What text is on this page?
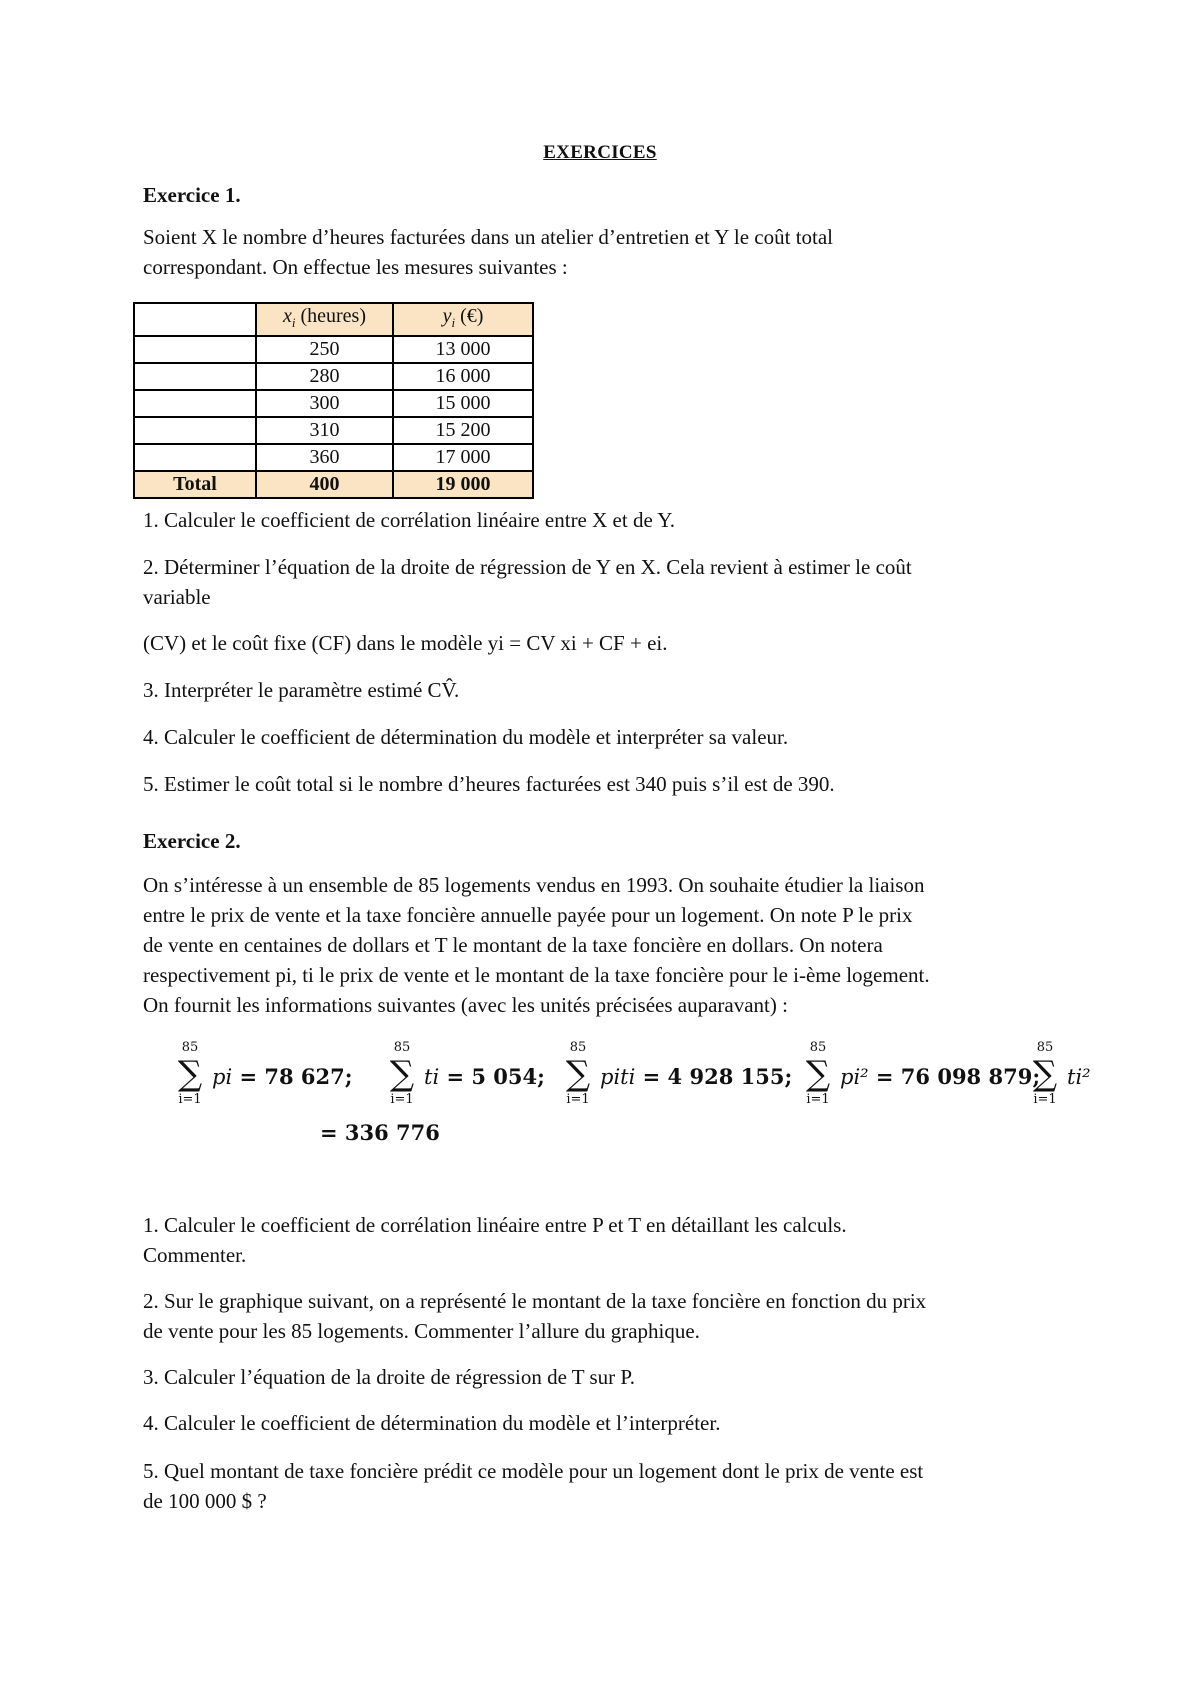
EXERCICES
Exercice 1.

Soient X le nombre d’heures facturées dans un atelier d’entretien et Y le coût total

correspondant. On effectue les mesures suivantes :

	$x_i$ (heures)	$y_i$ (€)
	250	13 000
	280	16 000
	300	15 000
	310	15 200
	360	17 000
Total	400	19 000

1. Calculer le coefficient de corrélation linéaire entre X et de Y.

2. Déterminer l’équation de la droite de régression de Y en X. Cela revient à estimer le coût

variable

(CV) et le coût fixe (CF) dans le modèle yi = CV xi + CF + ei.

3. Interpréter le paramètre estimé CV̂.

4. Calculer le coefficient de détermination du modèle et interpréter sa valeur.

5. Estimer le coût total si le nombre d’heures facturées est 340 puis s’il est de 390.

Exercice 2.

On s’intéresse à un ensemble de 85 logements vendus en 1993. On souhaite étudier la liaison

entre le prix de vente et la taxe foncière annuelle payée pour un logement. On note P le prix

de vente en centaines de dollars et T le montant de la taxe foncière en dollars. On notera

respectivement pi, ti le prix de vente et le montant de la taxe foncière pour le i-ème logement.

On fournit les informations suivantes (avec les unités précisées auparavant) :

85
∑
i=1
pi = 78 627;
85
∑
i=1
ti = 5 054;
85
∑
i=1
piti = 4 928 155;
85
∑
i=1
pi² = 76 098 879;
85
∑
i=1
ti²
= 336 776

1. Calculer le coefficient de corrélation linéaire entre P et T en détaillant les calculs.

Commenter.

2. Sur le graphique suivant, on a représenté le montant de la taxe foncière en fonction du prix

de vente pour les 85 logements. Commenter l’allure du graphique.

3. Calculer l’équation de la droite de régression de T sur P.

4. Calculer le coefficient de détermination du modèle et l’interpréter.

5. Quel montant de taxe foncière prédit ce modèle pour un logement dont le prix de vente est

de 100 000 $ ?
